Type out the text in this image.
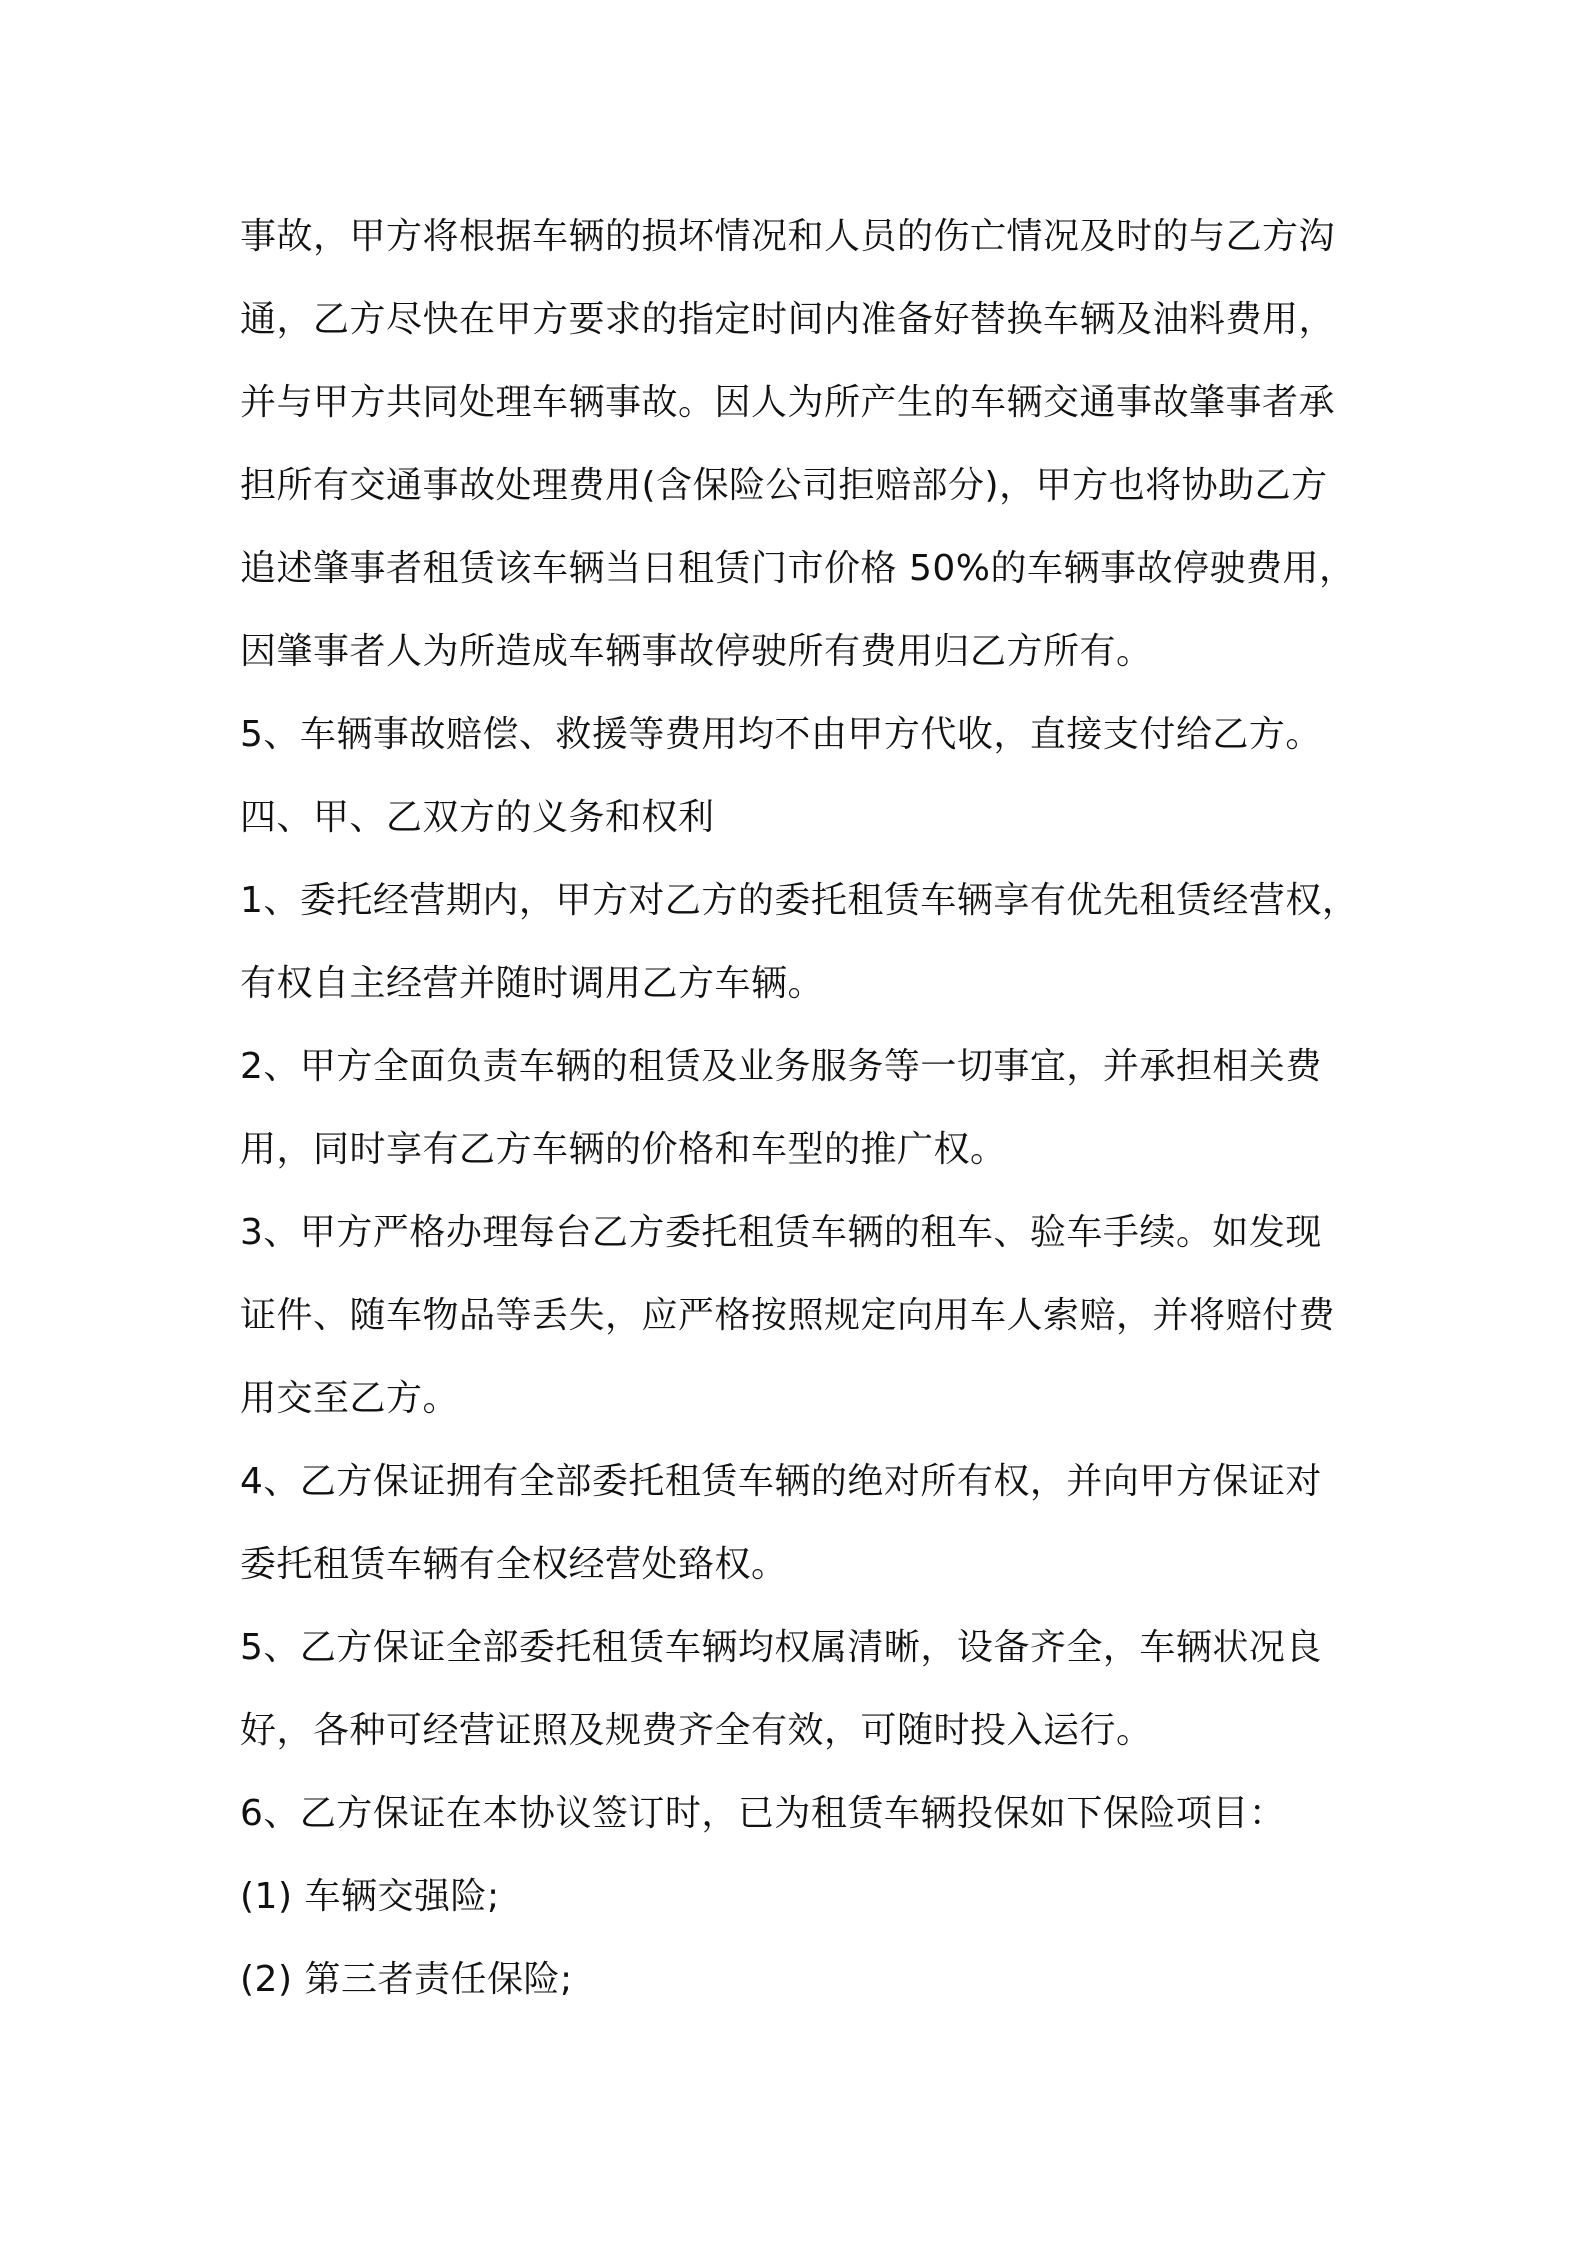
事故，甲方将根据车辆的损坏情况和人员的伤亡情况及时的与乙方沟
通，乙方尽快在甲方要求的指定时间内准备好替换车辆及油料费用，
并与甲方共同处理车辆事故。因人为所产生的车辆交通事故肇事者承
担所有交通事故处理费用(含保险公司拒赔部分)，甲方也将协助乙方
追述肇事者租赁该车辆当日租赁门市价格 50%的车辆事故停驶费用，
因肇事者人为所造成车辆事故停驶所有费用归乙方所有。
5、车辆事故赔偿、救援等费用均不由甲方代收，直接支付给乙方。
四、甲、乙双方的义务和权利
1、委托经营期内，甲方对乙方的委托租赁车辆享有优先租赁经营权，
有权自主经营并随时调用乙方车辆。
2、甲方全面负责车辆的租赁及业务服务等一切事宜，并承担相关费
用，同时享有乙方车辆的价格和车型的推广权。
3、甲方严格办理每台乙方委托租赁车辆的租车、验车手续。如发现
证件、随车物品等丢失，应严格按照规定向用车人索赔，并将赔付费
用交至乙方。
4、乙方保证拥有全部委托租赁车辆的绝对所有权，并向甲方保证对
委托租赁车辆有全权经营处臵权。
5、乙方保证全部委托租赁车辆均权属清晰，设备齐全，车辆状况良
好，各种可经营证照及规费齐全有效，可随时投入运行。
6、乙方保证在本协议签订时，已为租赁车辆投保如下保险项目：
(1) 车辆交强险;
(2) 第三者责任保险;
